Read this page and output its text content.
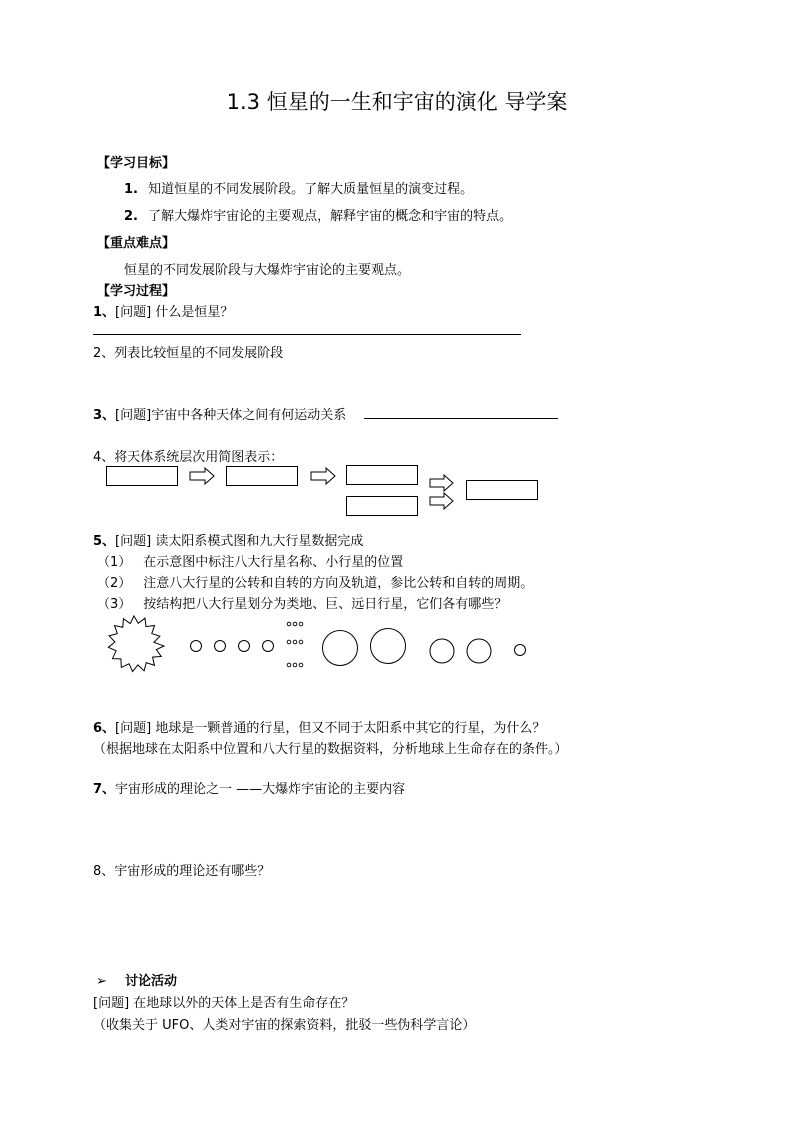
1.3 恒星的一生和宇宙的演化 导学案
【学习目标】
1. 知道恒星的不同发展阶段。了解大质量恒星的演变过程。
2. 了解大爆炸宇宙论的主要观点，解释宇宙的概念和宇宙的特点。
【重点难点】
恒星的不同发展阶段与大爆炸宇宙论的主要观点。
【学习过程】
1、[问题] 什么是恒星？
2、列表比较恒星的不同发展阶段
3、[问题]宇宙中各种天体之间有何运动关系
4、将天体系统层次用简图表示：
5、[问题] 读太阳系模式图和九大行星数据完成
（1） 在示意图中标注八大行星名称、小行星的位置
（2） 注意八大行星的公转和自转的方向及轨道，参比公转和自转的周期。
（3） 按结构把八大行星划分为类地、巨、远日行星，它们各有哪些？
6、[问题] 地球是一颗普通的行星，但又不同于太阳系中其它的行星，为什么？
（根据地球在太阳系中位置和八大行星的数据资料，分析地球上生命存在的条件。）
7、宇宙形成的理论之一 ——大爆炸宇宙论的主要内容
8、宇宙形成的理论还有哪些？
➢ 讨论活动
[问题] 在地球以外的天体上是否有生命存在？
（收集关于 UFO、人类对宇宙的探索资料，批驳一些伪科学言论）
